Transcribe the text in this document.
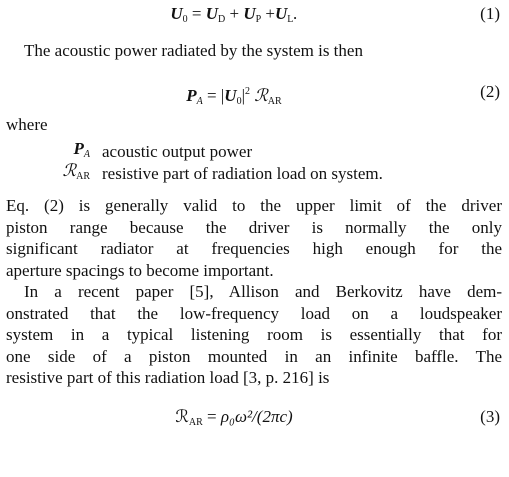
$U_0 = U_D + U_P +U_L$.	(1)

The acoustic power radiated by the system is then

$P_A = |U_0|^2$ ℛ$_{AR}$
(2)

where

$P_A$ acoustic output power
ℛ$_{AR}$ resistive part of radiation load on system.
Eq. (2) is generally valid to the upper limit of the driver
piston range because the driver is normally the only
significant radiator at frequencies high enough for the
aperture spacings to become important.
In a recent paper [5], Allison and Berkovitz have dem-
onstrated that the low-frequency load on a loudspeaker
system in a typical listening room is essentially that for
one side of a piston mounted in an infinite baffle. The
resistive part of this radiation load [3, p. 216] is
ℛ$_{AR}$ = ρ₀ω²/(2πc)	(3)
